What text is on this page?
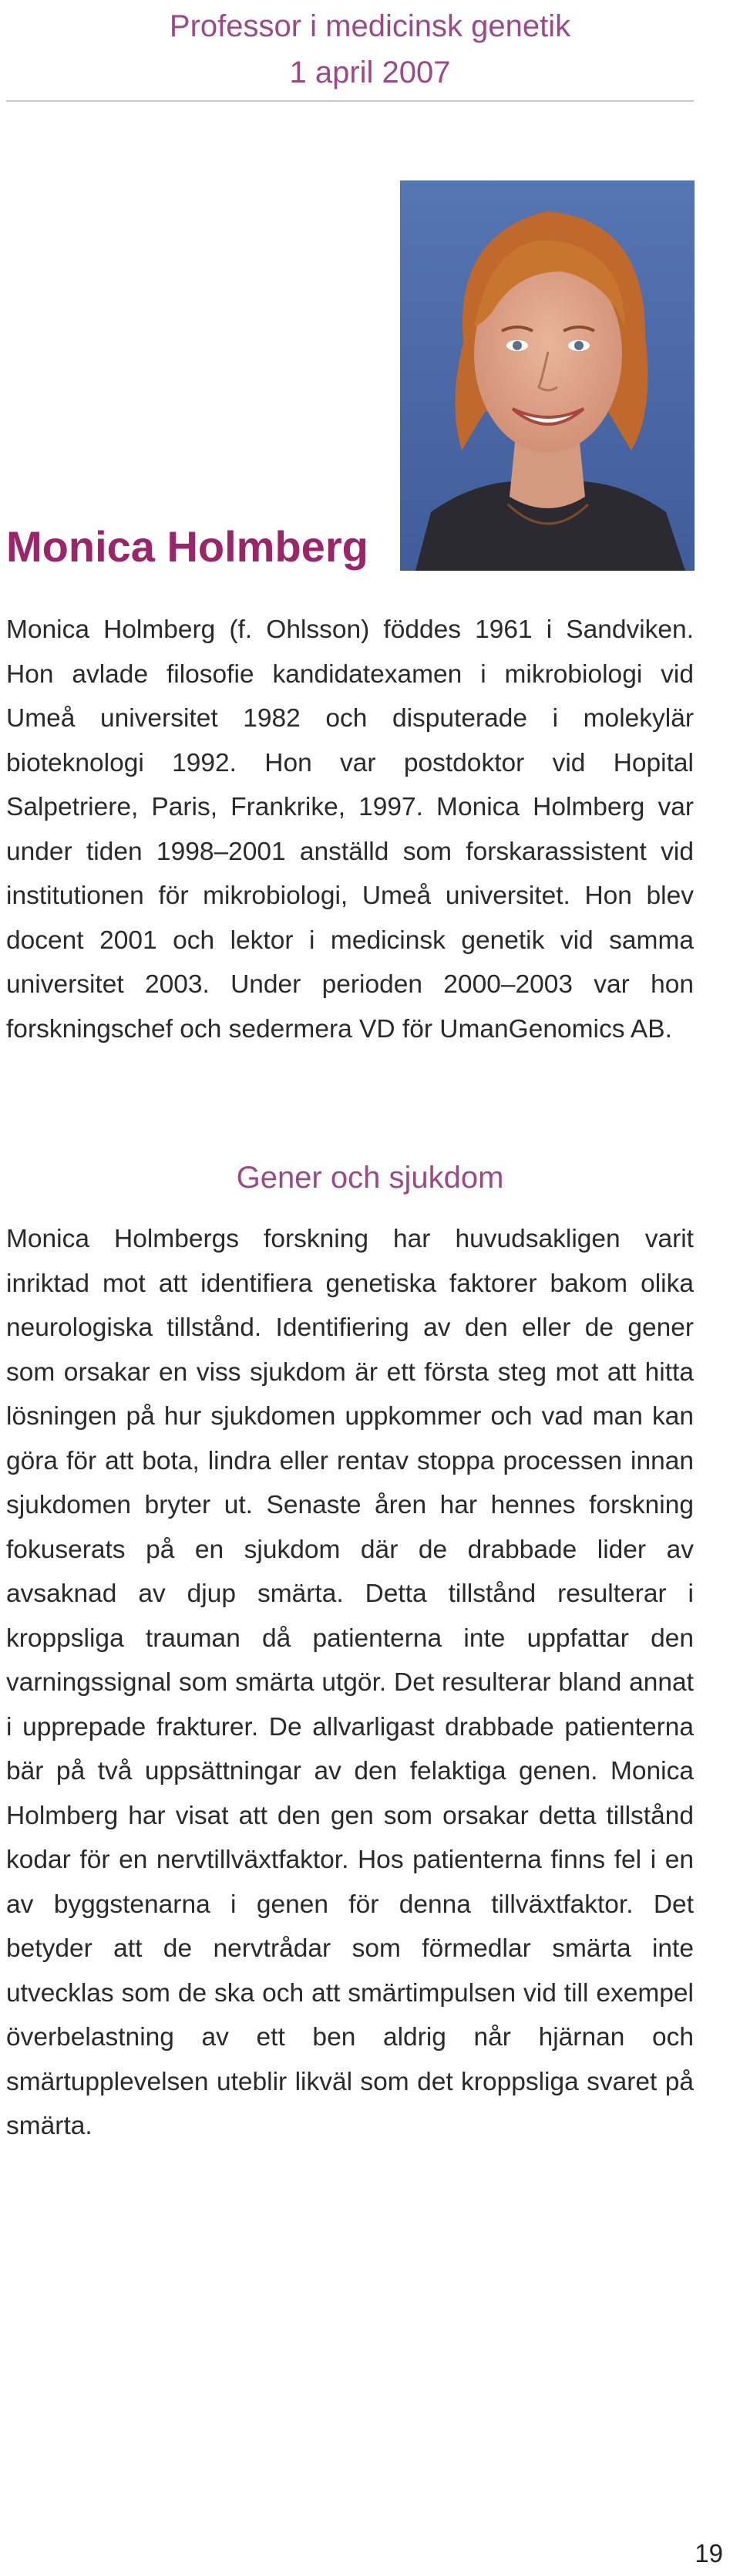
Professor i medicinsk genetik
1 april 2007
Monica Holmberg

Monica Holmberg (f. Ohlsson) föddes 1961 i Sandviken. Hon avlade filosofie kandidatexamen i mikrobiologi vid Umeå universitet 1982 och disputerade i molekylär bioteknologi 1992. Hon var postdoktor vid Hopital Salpetriere, Paris, Frankrike, 1997. Monica Holmberg var under tiden 1998–2001 anställd som forskarassistent vid institutionen för mikrobiologi, Umeå universitet. Hon blev docent 2001 och lektor i medicinsk genetik vid samma universitet 2003. Under perioden 2000–2003 var hon forskningschef och sedermera VD för UmanGenomics AB.

Gener och sjukdom

Monica Holmbergs forskning har huvudsakligen varit inriktad mot att identifiera genetiska faktorer bakom olika neurologiska tillstånd. Identifiering av den eller de gener som orsakar en viss sjukdom är ett första steg mot att hitta lösningen på hur sjukdomen uppkommer och vad man kan göra för att bota, lindra eller rentav stoppa processen innan sjukdomen bryter ut. Senaste åren har hennes forskning fokuserats på en sjukdom där de drabbade lider av avsaknad av djup smärta. Detta tillstånd resulterar i kroppsliga trauman då patienterna inte uppfattar den varningssignal som smärta utgör. Det resulterar bland annat i upprepade frakturer. De allvarligast drabbade patienterna bär på två uppsättningar av den felaktiga genen. Monica Holmberg har visat att den gen som orsakar detta tillstånd kodar för en nervtillväxtfaktor. Hos patienterna finns fel i en av byggstenarna i genen för denna tillväxtfaktor. Det betyder att de nervtrådar som förmedlar smärta inte utvecklas som de ska och att smärtimpulsen vid till exempel överbelastning av ett ben aldrig når hjärnan och smärtupplevelsen uteblir likväl som det kroppsliga svaret på smärta.

19
